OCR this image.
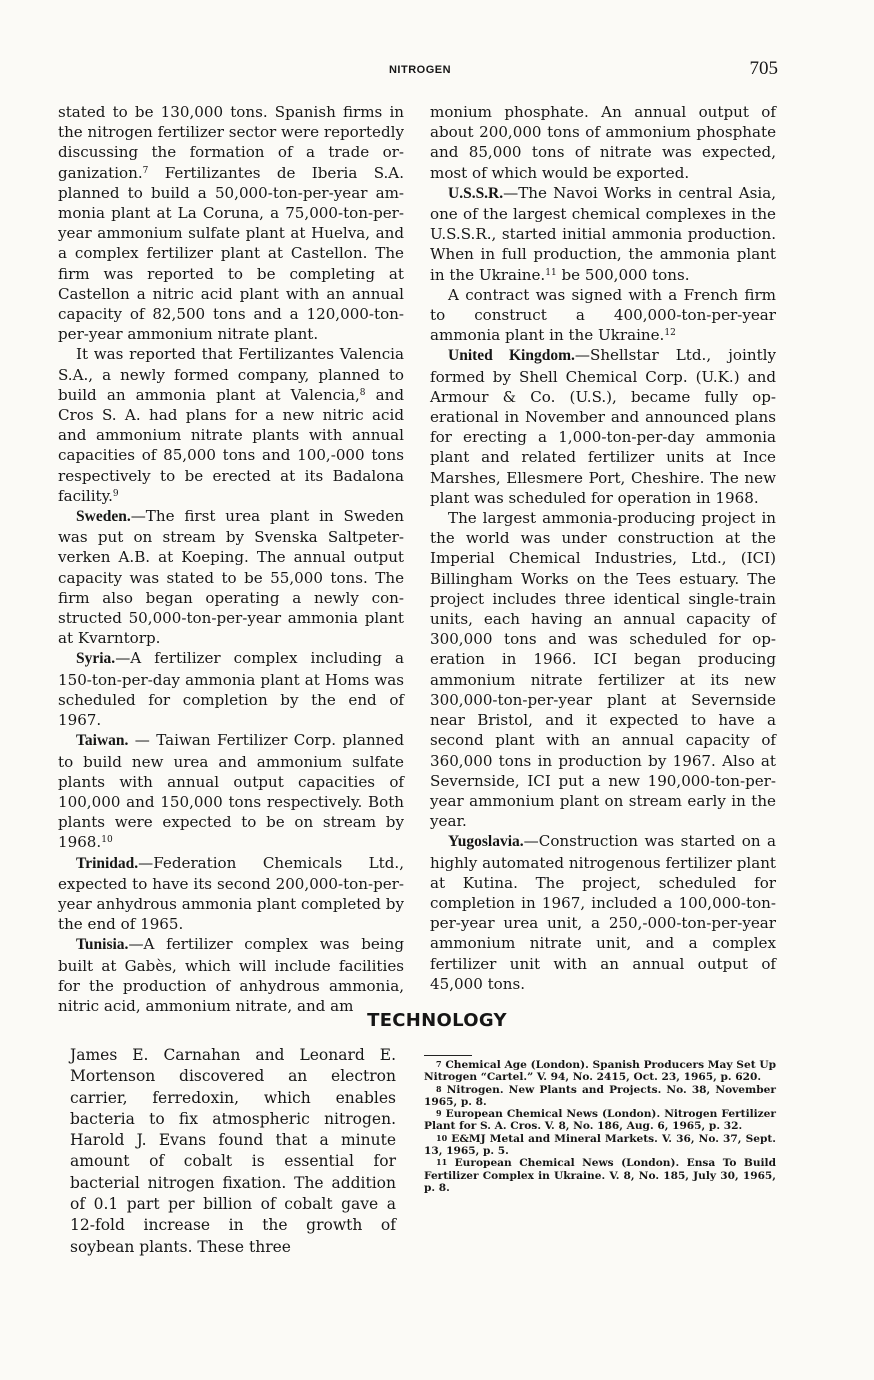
NITROGEN	705

stated to be 130,000 tons. Spanish firms in the nitrogen fertilizer sector were reportedly discussing the formation of a trade organization.$^7$ Fertilizantes de Iberia S.A. planned to build a 50,000-ton-per-year ammonia plant at La Coruna, a 75,000-ton-per-year ammonium sulfate plant at Huelva, and a complex fertilizer plant at Castellon. The firm was reported to be completing at Castellon a nitric acid plant with an annual capacity of 82,500 tons and a 120,000-ton-per-year ammonium nitrate plant.

It was reported that Fertilizantes Valencia S.A., a newly formed company, planned to build an ammonia plant at Valencia,$^8$ and Cros S. A. had plans for a new nitric acid and ammonium nitrate plants with annual capacities of 85,000 tons and 100,-000 tons respectively to be erected at its Badalona facility.$^9$

Sweden.—The first urea plant in Sweden was put on stream by Svenska Saltpeterverken A.B. at Koeping. The annual output capacity was stated to be 55,000 tons. The firm also began operating a newly constructed 50,000-ton-per-year ammonia plant at Kvarntorp.

Syria.—A fertilizer complex including a 150-ton-per-day ammonia plant at Homs was scheduled for completion by the end of 1967.

Taiwan. — Taiwan Fertilizer Corp. planned to build new urea and ammonium sulfate plants with annual output capacities of 100,000 and 150,000 tons respectively. Both plants were expected to be on stream by 1968.10

Trinidad.—Federation Chemicals Ltd., expected to have its second 200,000-ton-per-year anhydrous ammonia plant completed by the end of 1965.

Tunisia.—A fertilizer complex was being built at Gabès, which will include facilities for the production of anhydrous ammonia, nitric acid, ammonium nitrate, and am

monium phosphate. An annual output of about 200,000 tons of ammonium phosphate and 85,000 tons of nitrate was expected, most of which would be exported.

U.S.S.R.—The Navoi Works in central Asia, one of the largest chemical complexes in the U.S.S.R., started initial ammonia production. When in full production, the ammonia plant in the Ukraine.$^{11}$ be 500,000 tons.

A contract was signed with a French firm to construct a 400,000-ton-per-year ammonia plant in the Ukraine.$^{12}$

United Kingdom.—Shellstar Ltd., jointly formed by Shell Chemical Corp. (U.K.) and Armour & Co. (U.S.), became fully operational in November and announced plans for erecting a 1,000-ton-per-day ammonia plant and related fertilizer units at Ince Marshes, Ellesmere Port, Cheshire. The new plant was scheduled for operation in 1968.

The largest ammonia-producing project in the world was under construction at the Imperial Chemical Industries, Ltd., (ICI) Billingham Works on the Tees estuary. The project includes three identical single-train units, each having an annual capacity of 300,000 tons and was scheduled for operation in 1966. ICI began producing ammonium nitrate fertilizer at its new 300,000-ton-per-year plant at Severnside near Bristol, and it expected to have a second plant with an annual capacity of 360,000 tons in production by 1967. Also at Severnside, ICI put a new 190,000-ton-per-year ammonium plant on stream early in the year.

Yugoslavia.—Construction was started on a highly automated nitrogenous fertilizer plant at Kutina. The project, scheduled for completion in 1967, included a 100,000-ton-per-year urea unit, a 250,-000-ton-per-year ammonium nitrate unit, and a complex fertilizer unit with an annual output of 45,000 tons.

TECHNOLOGY

James E. Carnahan and Leonard E. Mortenson discovered an electron carrier, ferredoxin, which enables bacteria to fix atmospheric nitrogen. Harold J. Evans found that a minute amount of cobalt is essential for bacterial nitrogen fixation. The addition of 0.1 part per billion of cobalt gave a 12-fold increase in the growth of soybean plants. These three

$^7$ Chemical Age (London). Spanish Producers May Set Up Nitrogen “Cartel.” V. 94, No. 2415, Oct. 23, 1965, p. 620.

$^8$ Nitrogen. New Plants and Projects. No. 38, November 1965, p. 8.

$^9$ European Chemical News (London). Nitrogen Fertilizer Plant for S. A. Cros. V. 8, No. 186, Aug. 6, 1965, p. 32.

$^{10}$ E&MJ Metal and Mineral Markets. V. 36, No. 37, Sept. 13, 1965, p. 5.

$^{11}$ European Chemical News (London). Ensa To Build Fertilizer Complex in Ukraine. V. 8, No. 185, July 30, 1965, p. 8.
